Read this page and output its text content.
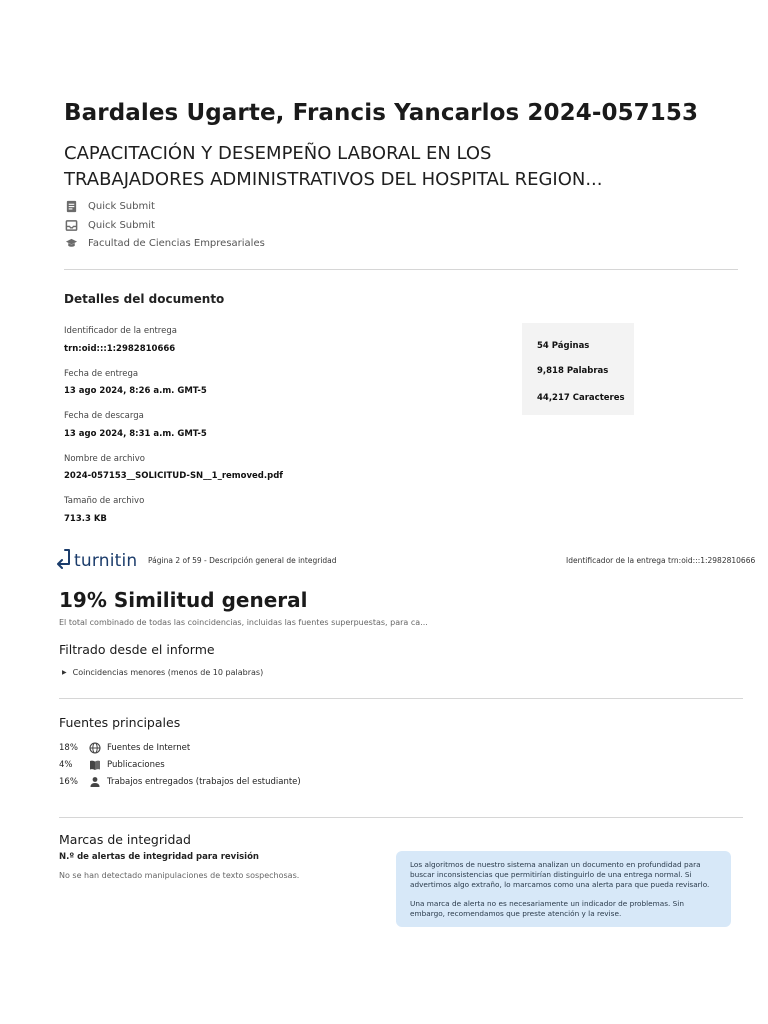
Bardales Ugarte, Francis Yancarlos 2024-057153
CAPACITACIÓN Y DESEMPEÑO LABORAL EN LOS
TRABAJADORES ADMINISTRATIVOS DEL HOSPITAL REGION...
Quick Submit
Quick Submit
Facultad de Ciencias Empresariales
Detalles del documento
Identificador de la entrega
trn:oid:::1:2982810666
Fecha de entrega
13 ago 2024, 8:26 a.m. GMT-5
Fecha de descarga
13 ago 2024, 8:31 a.m. GMT-5
Nombre de archivo
2024-057153__SOLICITUD-SN__1_removed.pdf
Tamaño de archivo
713.3 KB
54 Páginas
9,818 Palabras
44,217 Caracteres
turnitin Página 2 of 59 - Descripción general de integridad	Identificador de la entrega trn:oid:::1:2982810666
19% Similitud general
El total combinado de todas las coincidencias, incluidas las fuentes superpuestas, para ca...
Filtrado desde el informe
▶ Coincidencias menores (menos de 10 palabras)
Fuentes principales
18%	Fuentes de Internet
4%	Publicaciones
16%	Trabajos entregados (trabajos del estudiante)
Marcas de integridad
N.º de alertas de integridad para revisión
No se han detectado manipulaciones de texto sospechosas.

Los algoritmos de nuestro sistema analizan un documento en profundidad para buscar inconsistencias que permitirían distinguirlo de una entrega normal. Si advertimos algo extraño, lo marcamos como una alerta para que pueda revisarlo.

Una marca de alerta no es necesariamente un indicador de problemas. Sin embargo, recomendamos que preste atención y la revise.
